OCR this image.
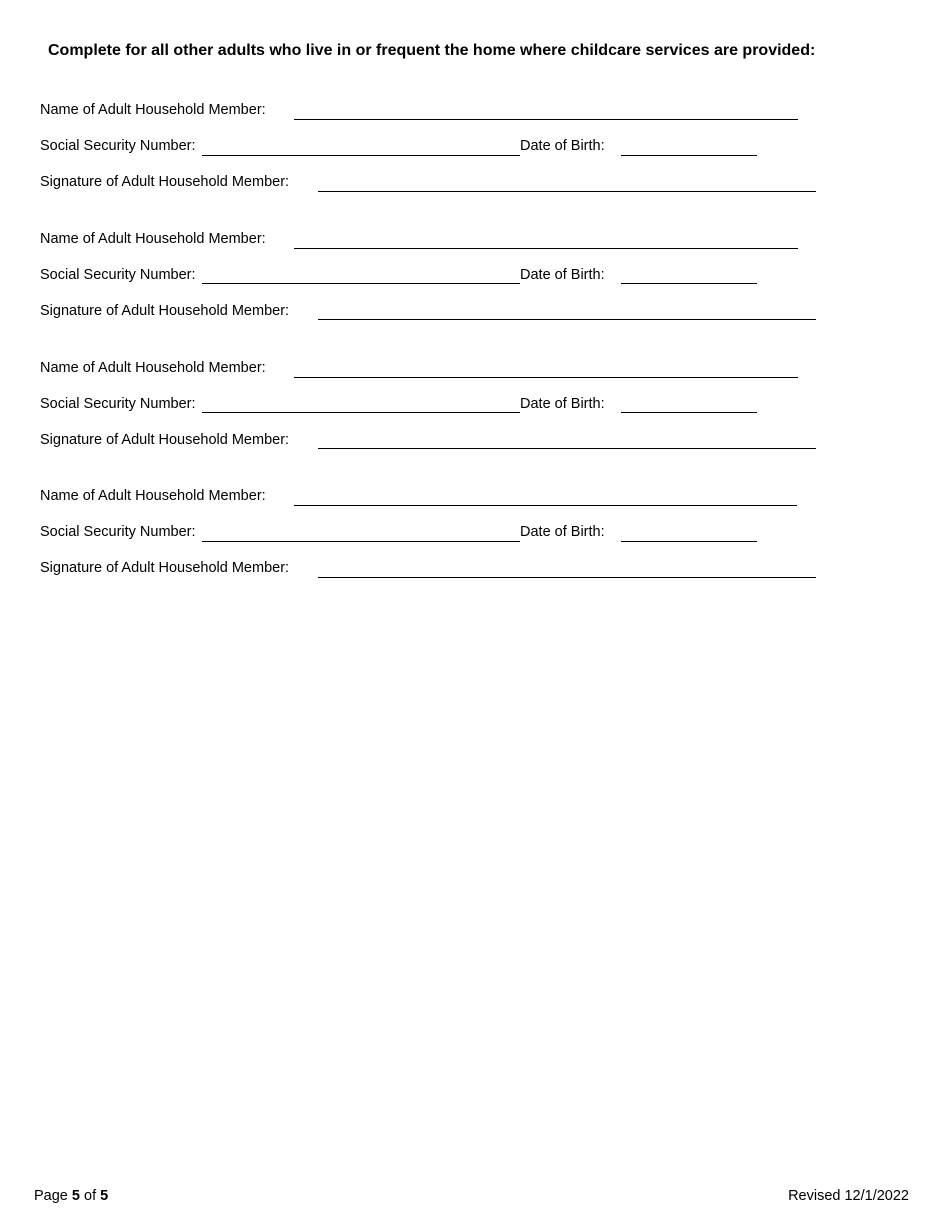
Complete for all other adults who live in or frequent the home where childcare services are provided:
Name of Adult Household Member:
Social Security Number:	Date of Birth:
Signature of Adult Household Member:
Name of Adult Household Member:
Social Security Number:	Date of Birth:
Signature of Adult Household Member:
Name of Adult Household Member:
Social Security Number:	Date of Birth:
Signature of Adult Household Member:
Name of Adult Household Member:
Social Security Number:	Date of Birth:
Signature of Adult Household Member:
Page 5 of 5	Revised 12/1/2022
